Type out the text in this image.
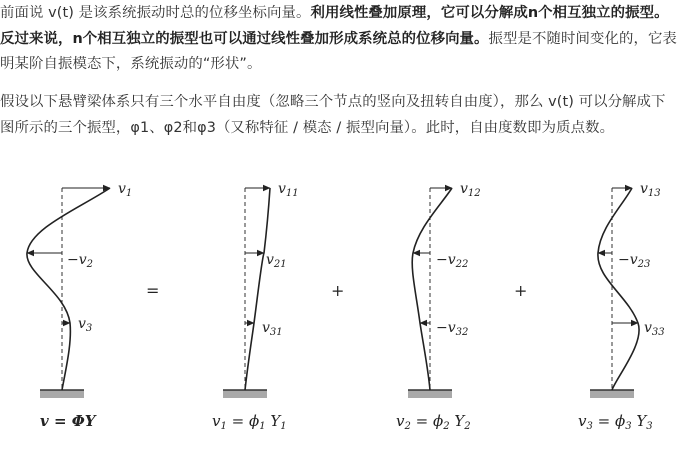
前面说 v(t) 是该系统振动时总的位移坐标向量。利用线性叠加原理，它可以分解成n个相互独立的振型。反过来说，n个相互独立的振型也可以通过线性叠加形成系统总的位移向量。振型是不随时间变化的，它表明某阶自振模态下，系统振动的“形状”。
假设以下悬臂梁体系只有三个水平自由度（忽略三个节点的竖向及扭转自由度），那么 v(t) 可以分解成下图所示的三个振型，φ1、φ2和φ3（又称特征 / 模态 / 振型向量）。此时，自由度数即为质点数。
v1
−v2
v3
v = ΦY
=
v11
v21
v31
$v_1 = \phi_1$ $Y_1$
+
v12
−v22
−v32
$v_2 = \phi_2$ $Y_2$
+
v13
−v23
v33
$v_3 = \phi_3$ $Y_3$
